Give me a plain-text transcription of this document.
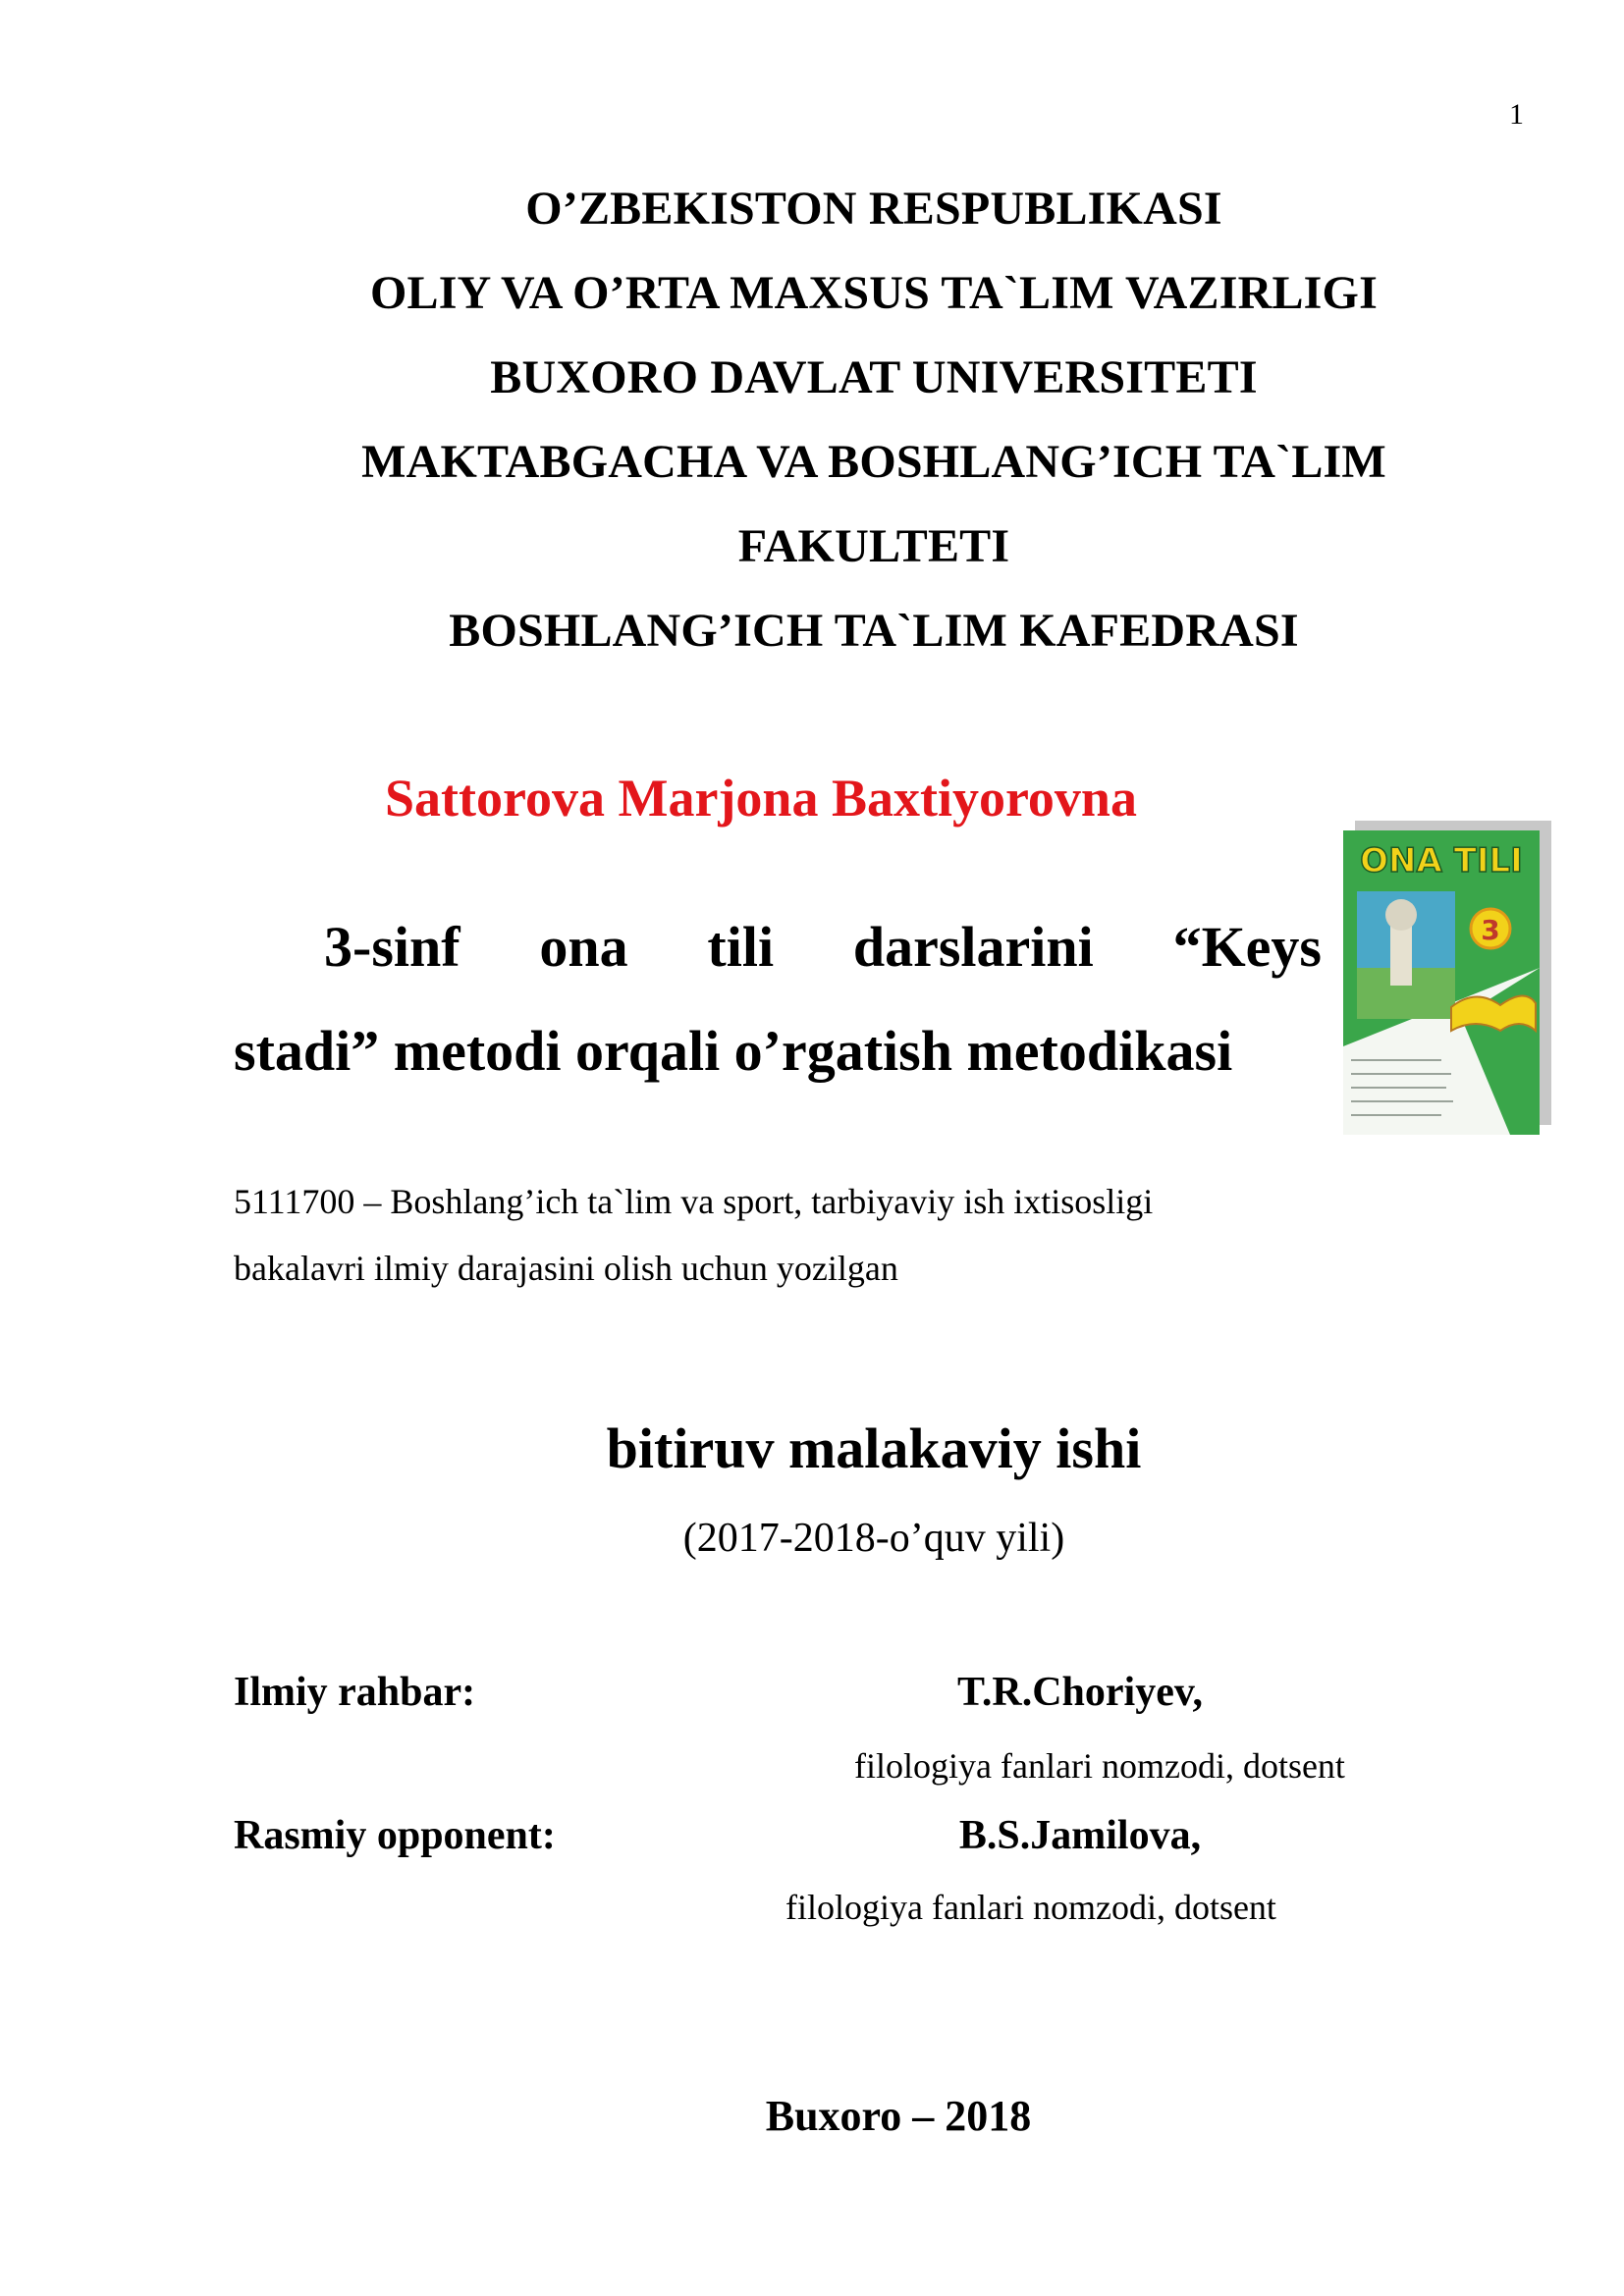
1
O’ZBEKISTON RESPUBLIKASI
OLIY VA O’RTA MAXSUS TA`LIM VAZIRLIGI
BUXORO DAVLAT UNIVERSITETI
MAKTABGACHA VA BOSHLANG’ICH TA`LIM
FAKULTETI
BOSHLANG’ICH TA`LIM KAFEDRASI
Sattorova Marjona Baxtiyorovna
3-sinf ona tili darslarini “Keys
stadi” metodi orqali o’rgatish metodikasi
ONA TILI
3
5111700 – Boshlang’ich ta`lim va sport, tarbiyaviy ish ixtisosligi
bakalavri ilmiy darajasini olish uchun yozilgan
bitiruv malakaviy ishi
(2017-2018-o’quv yili)
Ilmiy rahbar:	T.R.Choriyev,
filologiya fanlari nomzodi, dotsent
Rasmiy opponent:	B.S.Jamilova,
filologiya fanlari nomzodi, dotsent
Buxoro – 2018
